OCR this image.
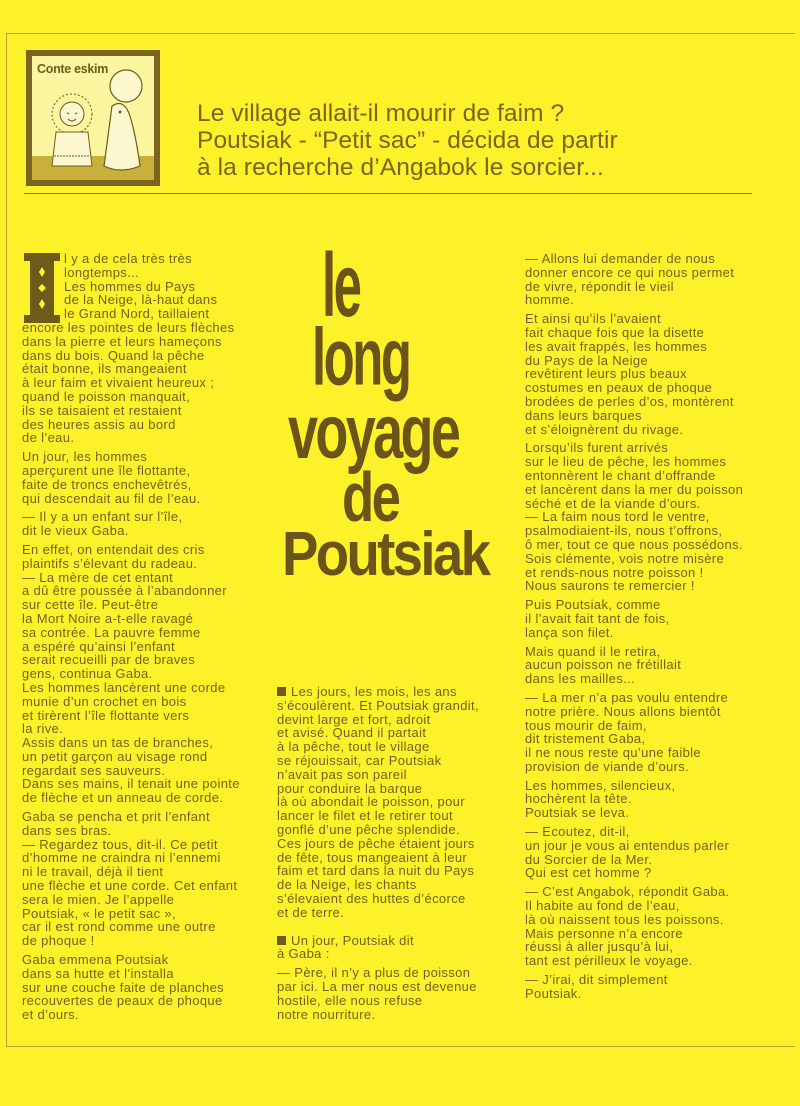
Conte eskim
Le village allait-il mourir de faim ?
Poutsiak - “Petit sac” - décida de partir
à la recherche d’Angabok le sorcier...
le
long
voyage
de
Poutsiak

l y a de cela très très
longtemps...
Les hommes du Pays
de la Neige, là-haut dans
le Grand Nord, taillaient
encore les pointes de leurs flèches
dans la pierre et leurs hameçons
dans du bois. Quand la pêche
était bonne, ils mangeaient
à leur faim et vivaient heureux ;
quand le poisson manquait,
ils se taisaient et restaient
des heures assis au bord
de l’eau.

Un jour, les hommes
aperçurent une île flottante,
faite de troncs enchevêtrés,
qui descendait au fil de l’eau.

— Il y a un enfant sur l’île,
dit le vieux Gaba.

En effet, on entendait des cris
plaintifs s’élevant du radeau.
— La mère de cet entant
a dû être poussée à l’abandonner
sur cette île. Peut-être
la Mort Noire a-t-elle ravagé
sa contrée. La pauvre femme
a espéré qu’ainsi l’enfant
serait recueilli par de braves
gens, continua Gaba.
Les hommes lancèrent une corde
munie d’un crochet en bois
et tirèrent l’île flottante vers
la rive.
Assis dans un tas de branches,
un petit garçon au visage rond
regardait ses sauveurs.
Dans ses mains, il tenait une pointe
de flèche et un anneau de corde.

Gaba se pencha et prit l’enfant
dans ses bras.
— Regardez tous, dit-il. Ce petit
d’homme ne craindra ni l’ennemi
ni le travail, déjà il tient
une flèche et une corde. Cet enfant
sera le mien. Je l’appelle
Poutsiak, « le petit sac »,
car il est rond comme une outre
de phoque !

Gaba emmena Poutsiak
dans sa hutte et l’installa
sur une couche faite de planches
recouvertes de peaux de phoque
et d’ours.

Les jours, les mois, les ans
s’écoulèrent. Et Poutsiak grandit,
devint large et fort, adroit
et avisé. Quand il partait
à la pêche, tout le village
se réjouissait, car Poutsiak
n’avait pas son pareil
pour conduire la barque
là où abondait le poisson, pour
lancer le filet et le retirer tout
gonflé d’une pêche splendide.
Ces jours de pêche étaient jours
de fête, tous mangeaient à leur
faim et tard dans la nuit du Pays
de la Neige, les chants
s’élevaient des huttes d’écorce
et de terre.

Un jour, Poutsiak dit
à Gaba :

— Père, il n’y a plus de poisson
par ici. La mer nous est devenue
hostile, elle nous refuse
notre nourriture.

— Allons lui demander de nous
donner encore ce qui nous permet
de vivre, répondit le vieil
homme.

Et ainsi qu’ils l’avaient
fait chaque fois que la disette
les avait frappés, les hommes
du Pays de la Neige
revêtirent leurs plus beaux
costumes en peaux de phoque
brodées de perles d’os, montèrent
dans leurs barques
et s’éloignèrent du rivage.

Lorsqu’ils furent arrivés
sur le lieu de pêche, les hommes
entonnèrent le chant d’offrande
et lancèrent dans la mer du poisson
séché et de la viande d’ours.
— La faim nous tord le ventre,
psalmodiaient-ils, nous t’offrons,
ô mer, tout ce que nous possédons.
Sois clémente, vois notre misère
et rends-nous notre poisson !
Nous saurons te remercier !

Puis Poutsiak, comme
il l’avait fait tant de fois,
lança son filet.

Mais quand il le retira,
aucun poisson ne frétillait
dans les mailles...

— La mer n’a pas voulu entendre
notre prière. Nous allons bientôt
tous mourir de faim,
dit tristement Gaba,
il ne nous reste qu’une faible
provision de viande d’ours.

Les hommes, silencieux,
hochèrent la tête.
Poutsiak se leva.

— Ecoutez, dit-il,
un jour je vous ai entendus parler
du Sorcier de la Mer.
Qui est cet homme ?

— C’est Angabok, répondit Gaba.
Il habite au fond de l’eau,
là où naissent tous les poissons.
Mais personne n’a encore
réussi à aller jusqu’à lui,
tant est périlleux le voyage.

— J’irai, dit simplement
Poutsiak.
